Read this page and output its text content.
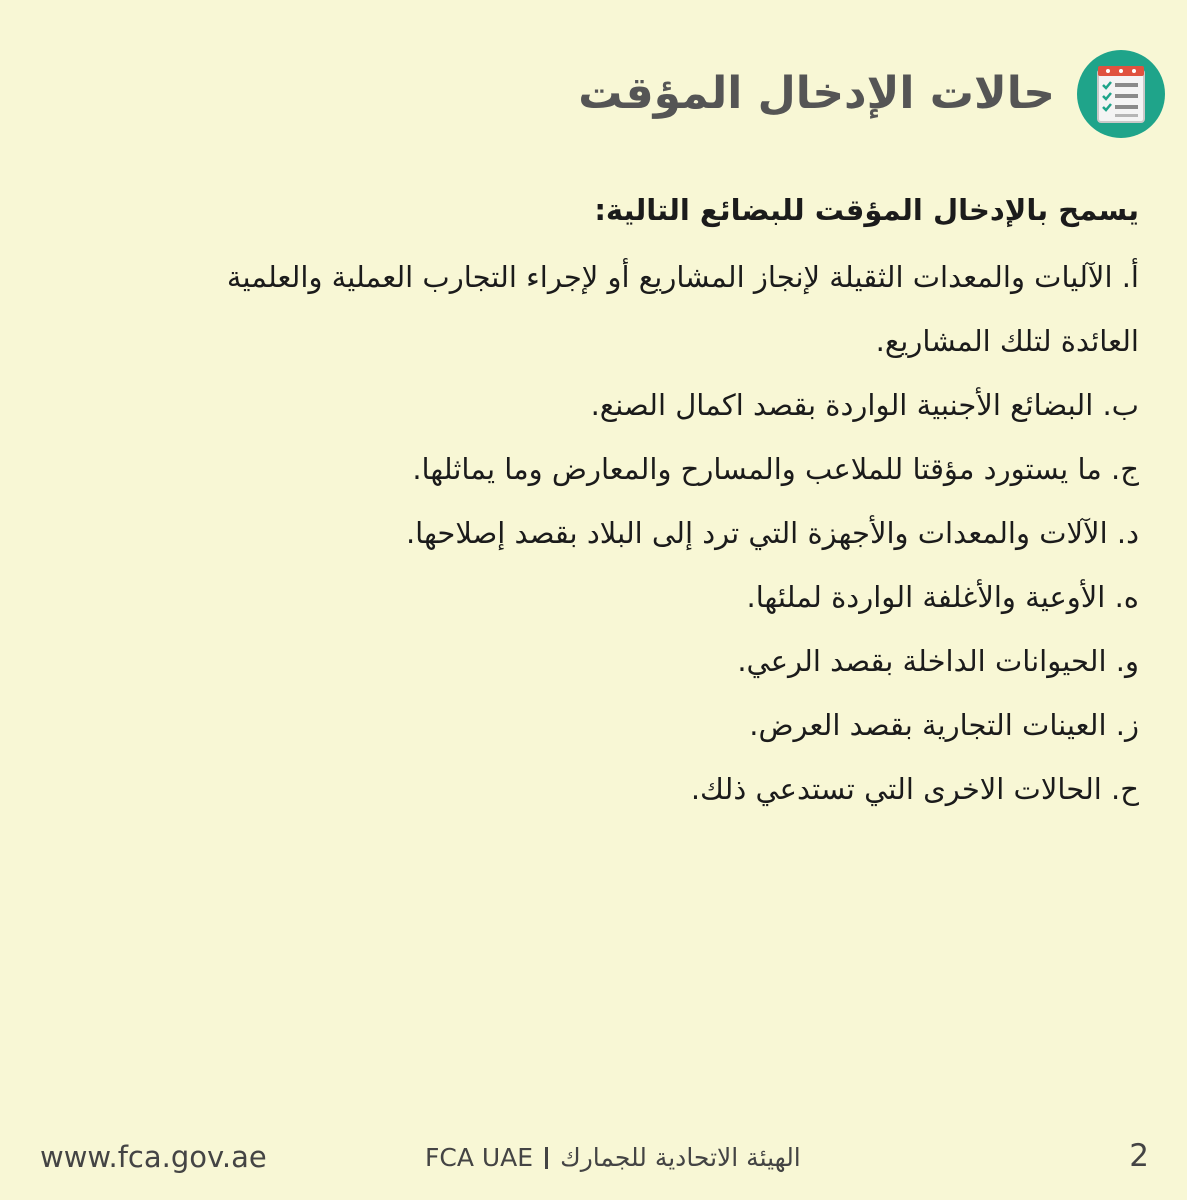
حالات الإدخال المؤقت

يسمح بالإدخال المؤقت للبضائع التالية:

أ. الآليات والمعدات الثقيلة لإنجاز المشاريع أو لإجراء التجارب العملية والعلمية
العائدة لتلك المشاريع.
ب. البضائع الأجنبية الواردة بقصد اكمال الصنع.
ج. ما يستورد مؤقتا للملاعب والمسارح والمعارض وما يماثلها.
د. الآلات والمعدات والأجهزة التي ترد إلى البلاد بقصد إصلاحها.
ه. الأوعية والأغلفة الواردة لملئها.
و. الحيوانات الداخلة بقصد الرعي.
ز. العينات التجارية بقصد العرض.
ح. الحالات الاخرى التي تستدعي ذلك.
www.fca.gov.ae	FCA UAE الهيئة الاتحادية للجمارك	2
